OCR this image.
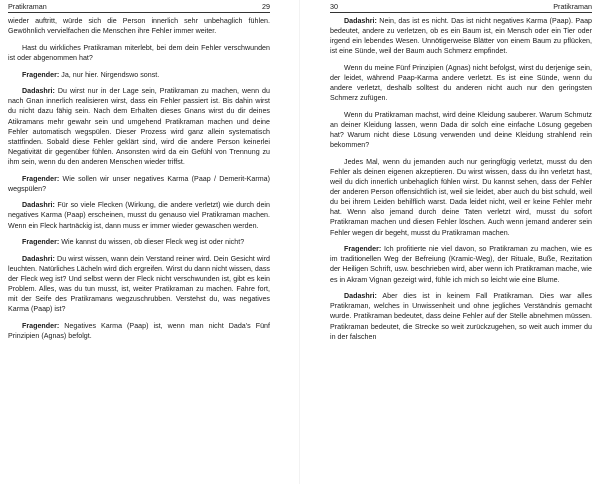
Pratikraman	29

wieder auftritt, würde sich die Person innerlich sehr unbehaglich fühlen. Gewöhnlich vervielfachen die Menschen ihre Fehler immer weiter.

Hast du wirkliches Pratikraman miterlebt, bei dem dein Fehler verschwunden ist oder abgenommen hat?

Fragender: Ja, nur hier. Nirgendswo sonst.

Dadashri: Du wirst nur in der Lage sein, Pratikraman zu machen, wenn du nach Gnan innerlich realisieren wirst, dass ein Fehler passiert ist. Bis dahin wirst du nicht dazu fähig sein. Nach dem Erhalten dieses Gnans wirst du dir deines Atikramans mehr gewahr sein und umgehend Pratikraman machen und deine Fehler automatisch wegspülen. Dieser Prozess wird ganz allein systematisch stattfinden. Sobald diese Fehler geklärt sind, wird die andere Person keinerlei Negativität dir gegenüber fühlen. Ansonsten wird da ein Gefühl von Trennung zu ihm sein, wenn du den anderen Menschen wieder triffst.

Fragender: Wie sollen wir unser negatives Karma (Paap / Demerit-Karma) wegspülen?

Dadashri: Für so viele Flecken (Wirkung, die andere verletzt) wie durch dein negatives Karma (Paap) erscheinen, musst du genauso viel Pratikraman machen. Wenn ein Fleck hartnäckig ist, dann muss er immer wieder gewaschen werden.

Fragender: Wie kannst du wissen, ob dieser Fleck weg ist oder nicht?

Dadashri: Du wirst wissen, wann dein Verstand reiner wird. Dein Gesicht wird leuchten. Natürliches Lächeln wird dich ergreifen. Wirst du dann nicht wissen, dass der Fleck weg ist? Und selbst wenn der Fleck nicht verschwunden ist, gibt es kein Problem. Alles, was du tun musst, ist, weiter Pratikraman zu machen. Fahre fort, mit der Seife des Pratikramans wegzuschrubben. Verstehst du, was negatives Karma (Paap) ist?

Fragender: Negatives Karma (Paap) ist, wenn man nicht Dada's Fünf Prinzipien (Agnas) befolgt.

30	Pratikraman

Dadashri: Nein, das ist es nicht. Das ist nicht negatives Karma (Paap). Paap bedeutet, andere zu verletzen, ob es ein Baum ist, ein Mensch oder ein Tier oder irgend ein lebendes Wesen. Unnötigerweise Blätter von einem Baum zu pflücken, ist eine Sünde, weil der Baum auch Schmerz empfindet.

Wenn du meine Fünf Prinzipien (Agnas) nicht befolgst, wirst du derjenige sein, der leidet, während Paap-Karma andere verletzt. Es ist eine Sünde, wenn du andere verletzt, deshalb solltest du anderen nicht auch nur den geringsten Schmerz zufügen.

Wenn du Pratikraman machst, wird deine Kleidung sauberer. Warum Schmutz an deiner Kleidung lassen, wenn Dada dir solch eine einfache Lösung gegeben hat? Warum nicht diese Lösung verwenden und deine Kleidung strahlend rein bekommen?

Jedes Mal, wenn du jemanden auch nur geringfügig verletzt, musst du den Fehler als deinen eigenen akzeptieren. Du wirst wissen, dass du ihn verletzt hast, weil du dich innerlich unbehaglich fühlen wirst. Du kannst sehen, dass der Fehler der anderen Person offensichtlich ist, weil sie leidet, aber auch du bist schuld, weil du bei ihrem Leiden behilflich warst. Dada leidet nicht, weil er keine Fehler mehr hat. Wenn also jemand durch deine Taten verletzt wird, musst du sofort Pratikraman machen und diesen Fehler löschen. Auch wenn jemand anderer sein Fehler wegen dir begeht, musst du Pratikraman machen.

Fragender: Ich profitierte nie viel davon, so Pratikraman zu machen, wie es im traditionellen Weg der Befreiung (Kramic-Weg), der Rituale, Buße, Rezitation der Heiligen Schrift, usw. beschrieben wird, aber wenn ich Pratikraman mache, wie es in Akram Vignan gezeigt wird, fühle ich mich so leicht wie eine Blume.

Dadashri: Aber dies ist in keinem Fall Pratikraman. Dies war alles Pratikraman, welches in Unwissenheit und ohne jegliches Verständnis gemacht wurde. Pratikraman bedeutet, dass deine Fehler auf der Stelle abnehmen müssen. Pratikraman bedeutet, die Strecke so weit zurückzugehen, so weit auch immer du in der falschen
